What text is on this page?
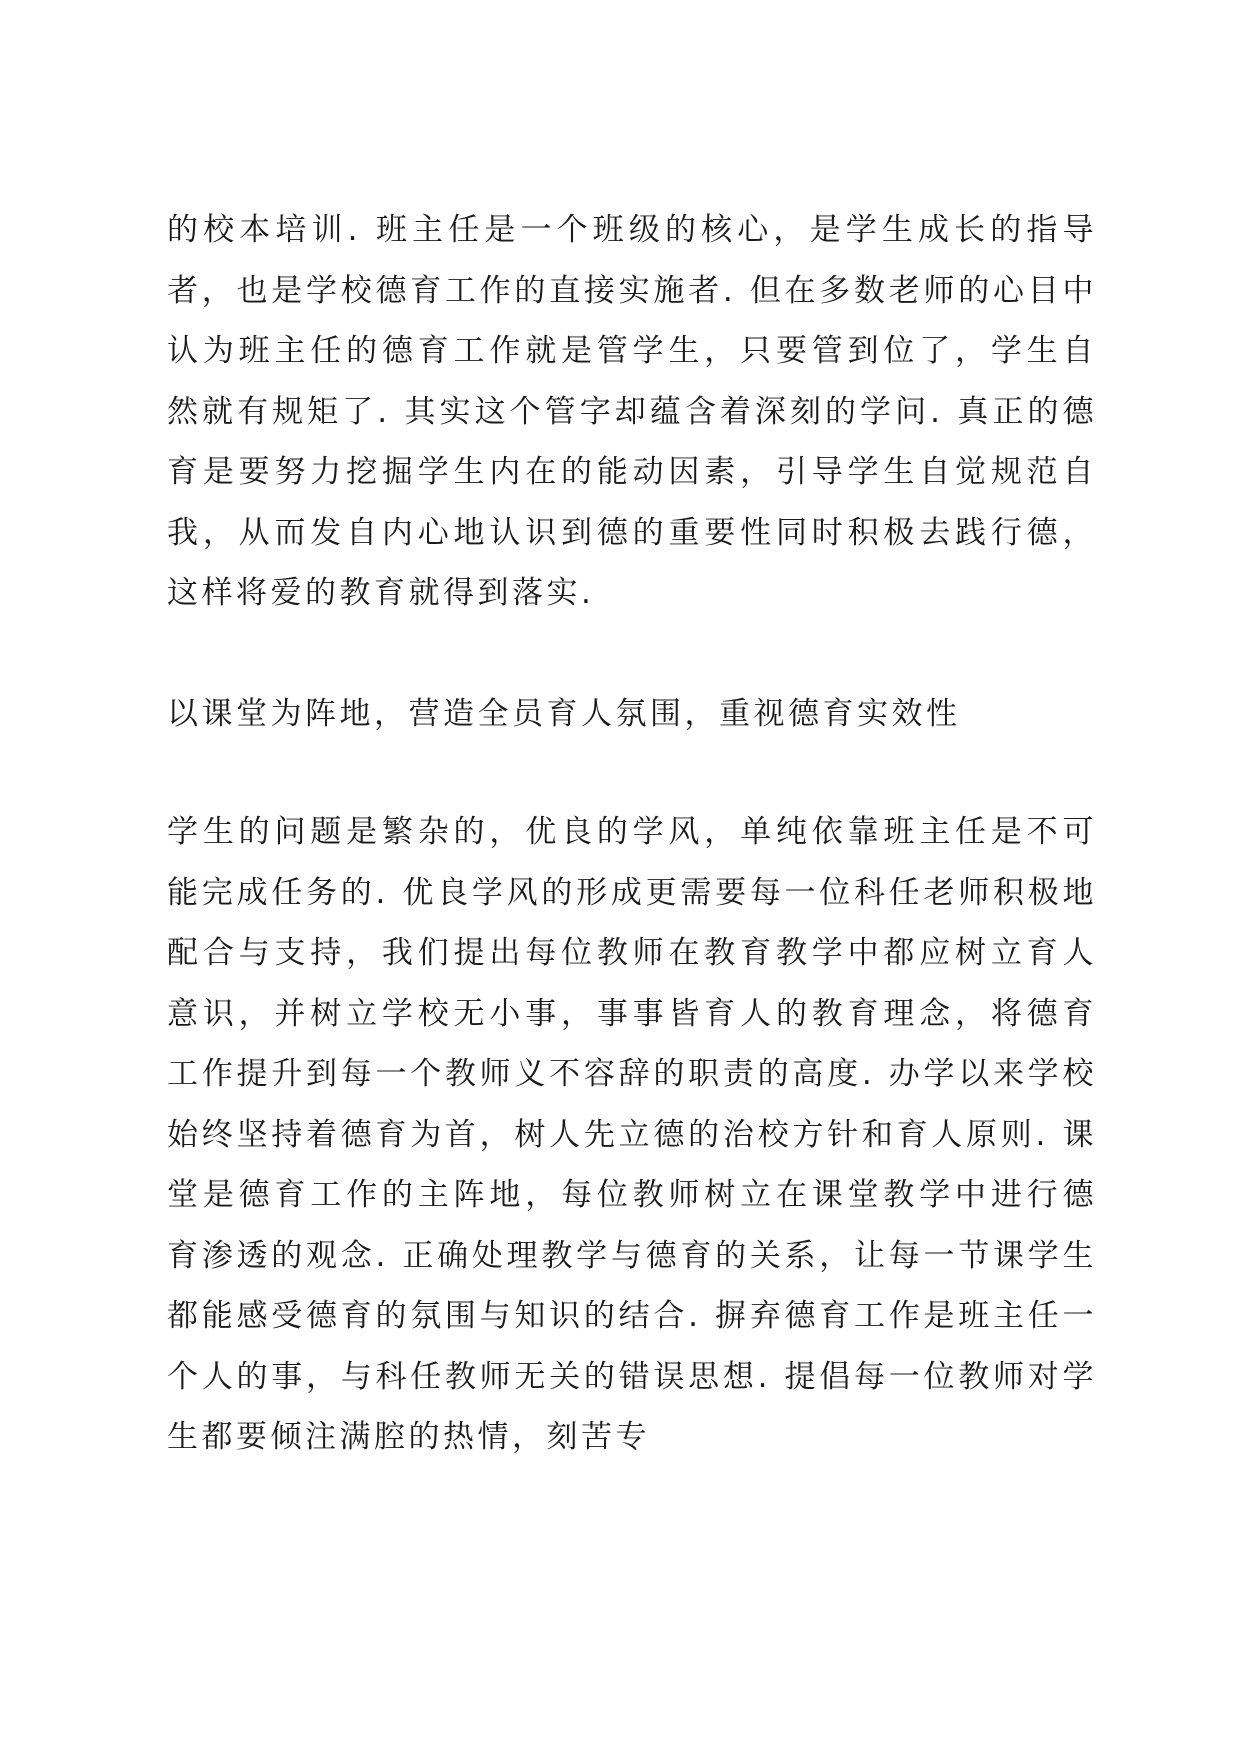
的校本培训. 班主任是一个班级的核心，是学生成长的指导者，也是学校德育工作的直接实施者. 但在多数老师的心目中认为班主任的德育工作就是管学生，只要管到位了，学生自然就有规矩了. 其实这个管字却蕴含着深刻的学问. 真正的德育是要努力挖掘学生内在的能动因素，引导学生自觉规范自我，从而发自内心地认识到德的重要性同时积极去践行德，这样将爱的教育就得到落实.

以课堂为阵地，营造全员育人氛围，重视德育实效性

学生的问题是繁杂的，优良的学风，单纯依靠班主任是不可能完成任务的. 优良学风的形成更需要每一位科任老师积极地配合与支持，我们提出每位教师在教育教学中都应树立育人意识，并树立学校无小事，事事皆育人的教育理念，将德育工作提升到每一个教师义不容辞的职责的高度. 办学以来学校始终坚持着德育为首，树人先立德的治校方针和育人原则. 课堂是德育工作的主阵地，每位教师树立在课堂教学中进行德育渗透的观念. 正确处理教学与德育的关系，让每一节课学生都能感受德育的氛围与知识的结合. 摒弃德育工作是班主任一个人的事，与科任教师无关的错误思想. 提倡每一位教师对学生都要倾注满腔的热情，刻苦专
